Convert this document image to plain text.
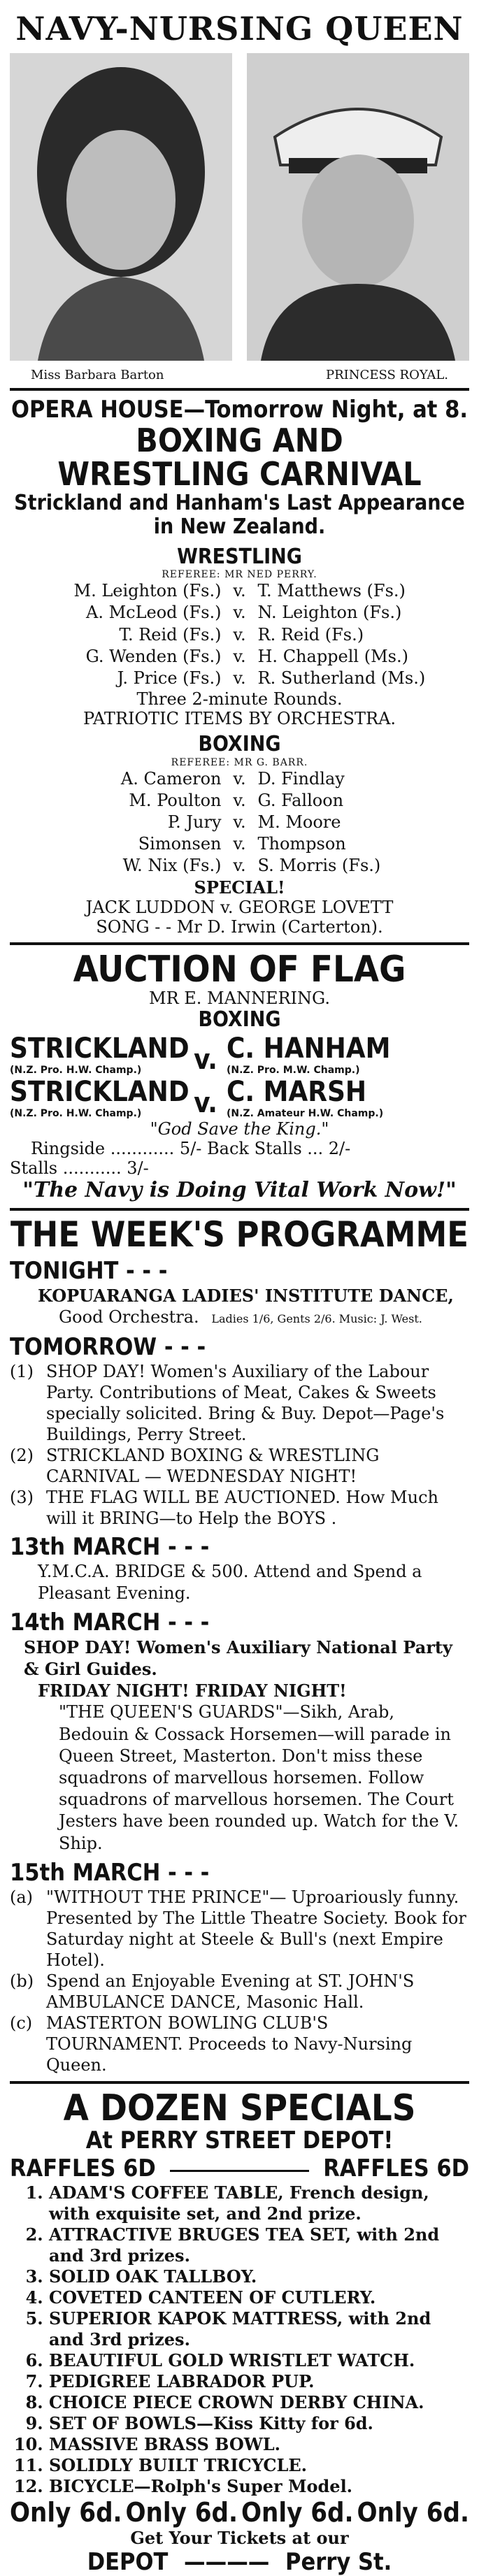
NAVY-NURSING QUEEN
Miss Barbara Barton	PRINCESS ROYAL.
OPERA HOUSE—Tomorrow Night, at 8.
BOXING AND
WRESTLING CARNIVAL
Strickland and Hanham's Last Appearance
in New Zealand.
WRESTLING
REFEREE: MR NED PERRY.
M. Leighton (Fs.) v. T. Matthews (Fs.)
A. McLeod (Fs.) v. N. Leighton (Fs.)
T. Reid (Fs.) v. R. Reid (Fs.)
G. Wenden (Fs.) v. H. Chappell (Ms.)
J. Price (Fs.) v. R. Sutherland (Ms.)
Three 2-minute Rounds.
PATRIOTIC ITEMS BY ORCHESTRA.
BOXING
REFEREE: MR G. BARR.
A. Cameron v. D. Findlay
M. Poulton v. G. Falloon
P. Jury v. M. Moore
Simonsen v. Thompson
W. Nix (Fs.) v. S. Morris (Fs.)
SPECIAL!
JACK LUDDON v. GEORGE LOVETT
SONG - - Mr D. Irwin (Carterton).
AUCTION OF FLAG
MR E. MANNERING.
BOXING
STRICKLAND
(N.Z. Pro. H.W. Champ.)	v. C. HANHAM
(N.Z. Pro. M.W. Champ.)
STRICKLAND
(N.Z. Pro. H.W. Champ.)	v. C. MARSH
(N.Z. Amateur H.W. Champ.)
"God Save the King."
Ringside ............ 5/- Back Stalls ... 2/-
Stalls ........... 3/-
"The Navy is Doing Vital Work Now!"
THE WEEK'S PROGRAMME
TONIGHT - - -
KOPUARANGA LADIES' INSTITUTE DANCE,
Good Orchestra. Ladies 1/6, Gents 2/6. Music: J. West.
TOMORROW - - -
(1) SHOP DAY! Women's Auxiliary of the Labour Party. Contributions of Meat, Cakes & Sweets specially solicited. Bring & Buy. Depot—Page's Buildings, Perry Street.
(2) STRICKLAND BOXING & WRESTLING CARNIVAL — WEDNESDAY NIGHT!
(3) THE FLAG WILL BE AUCTIONED. How Much will it BRING—to Help the BOYS .
13th MARCH - - -
Y.M.C.A. BRIDGE & 500. Attend and Spend a Pleasant Evening.
14th MARCH - - -
SHOP DAY! Women's Auxiliary National Party & Girl Guides.
FRIDAY NIGHT! FRIDAY NIGHT!
"THE QUEEN'S GUARDS"—Sikh, Arab, Bedouin & Cossack Horsemen—will parade in Queen Street, Masterton. Don't miss these squadrons of marvellous horsemen. Follow squadrons of marvellous horsemen. The Court Jesters have been rounded up. Watch for the V. Ship.
15th MARCH - - -
(a) "WITHOUT THE PRINCE"— Uproariously funny. Presented by The Little Theatre Society. Book for Saturday night at Steele & Bull's (next Empire Hotel).
(b) Spend an Enjoyable Evening at ST. JOHN'S AMBULANCE DANCE, Masonic Hall.
(c) MASTERTON BOWLING CLUB'S TOURNAMENT. Proceeds to Navy-Nursing Queen.
A DOZEN SPECIALS
At PERRY STREET DEPOT!
RAFFLES 6D	RAFFLES 6D
1. ADAM'S COFFEE TABLE, French design, with exquisite set, and 2nd prize.
2. ATTRACTIVE BRUGES TEA SET, with 2nd and 3rd prizes.
3. SOLID OAK TALLBOY.
4. COVETED CANTEEN OF CUTLERY.
5. SUPERIOR KAPOK MATTRESS, with 2nd and 3rd prizes.
6. BEAUTIFUL GOLD WRISTLET WATCH.
7. PEDIGREE LABRADOR PUP.
8. CHOICE PIECE CROWN DERBY CHINA.
9. SET OF BOWLS—Kiss Kitty for 6d.
10. MASSIVE BRASS BOWL.
11. SOLIDLY BUILT TRICYCLE.
12. BICYCLE—Rolph's Super Model.
Only 6d. Only 6d. Only 6d. Only 6d.
Get Your Tickets at our
DEPOT ———— Perry St.
